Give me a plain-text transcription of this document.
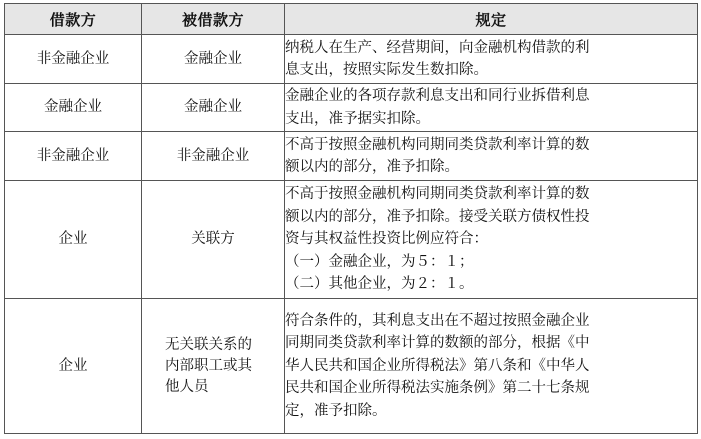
借款方	被借款方	规定
非金融企业	金融企业	纳税人在生产、经营期间，向金融机构借款的利
息支出，按照实际发生数扣除。

金融企业	金融企业	金融企业的各项存款利息支出和同行业拆借利息
支出，准予据实扣除。

非金融企业	非金融企业	不高于按照金融机构同期同类贷款利率计算的数
额以内的部分，准予扣除。

企业	关联方	不高于按照金融机构同期同类贷款利率计算的数
额以内的部分，准予扣除。接受关联方债权性投
资与其权益性投资比例应符合：
（一）金融企业，为５：１；
（二）其他企业，为２：１。

企业	无关联关系的内部职工或其他人员	符合条件的，其利息支出在不超过按照金融企业
同期同类贷款利率计算的数额的部分，根据《中
华人民共和国企业所得税法》第八条和《中华人
民共和国企业所得税法实施条例》第二十七条规
定，准予扣除。
